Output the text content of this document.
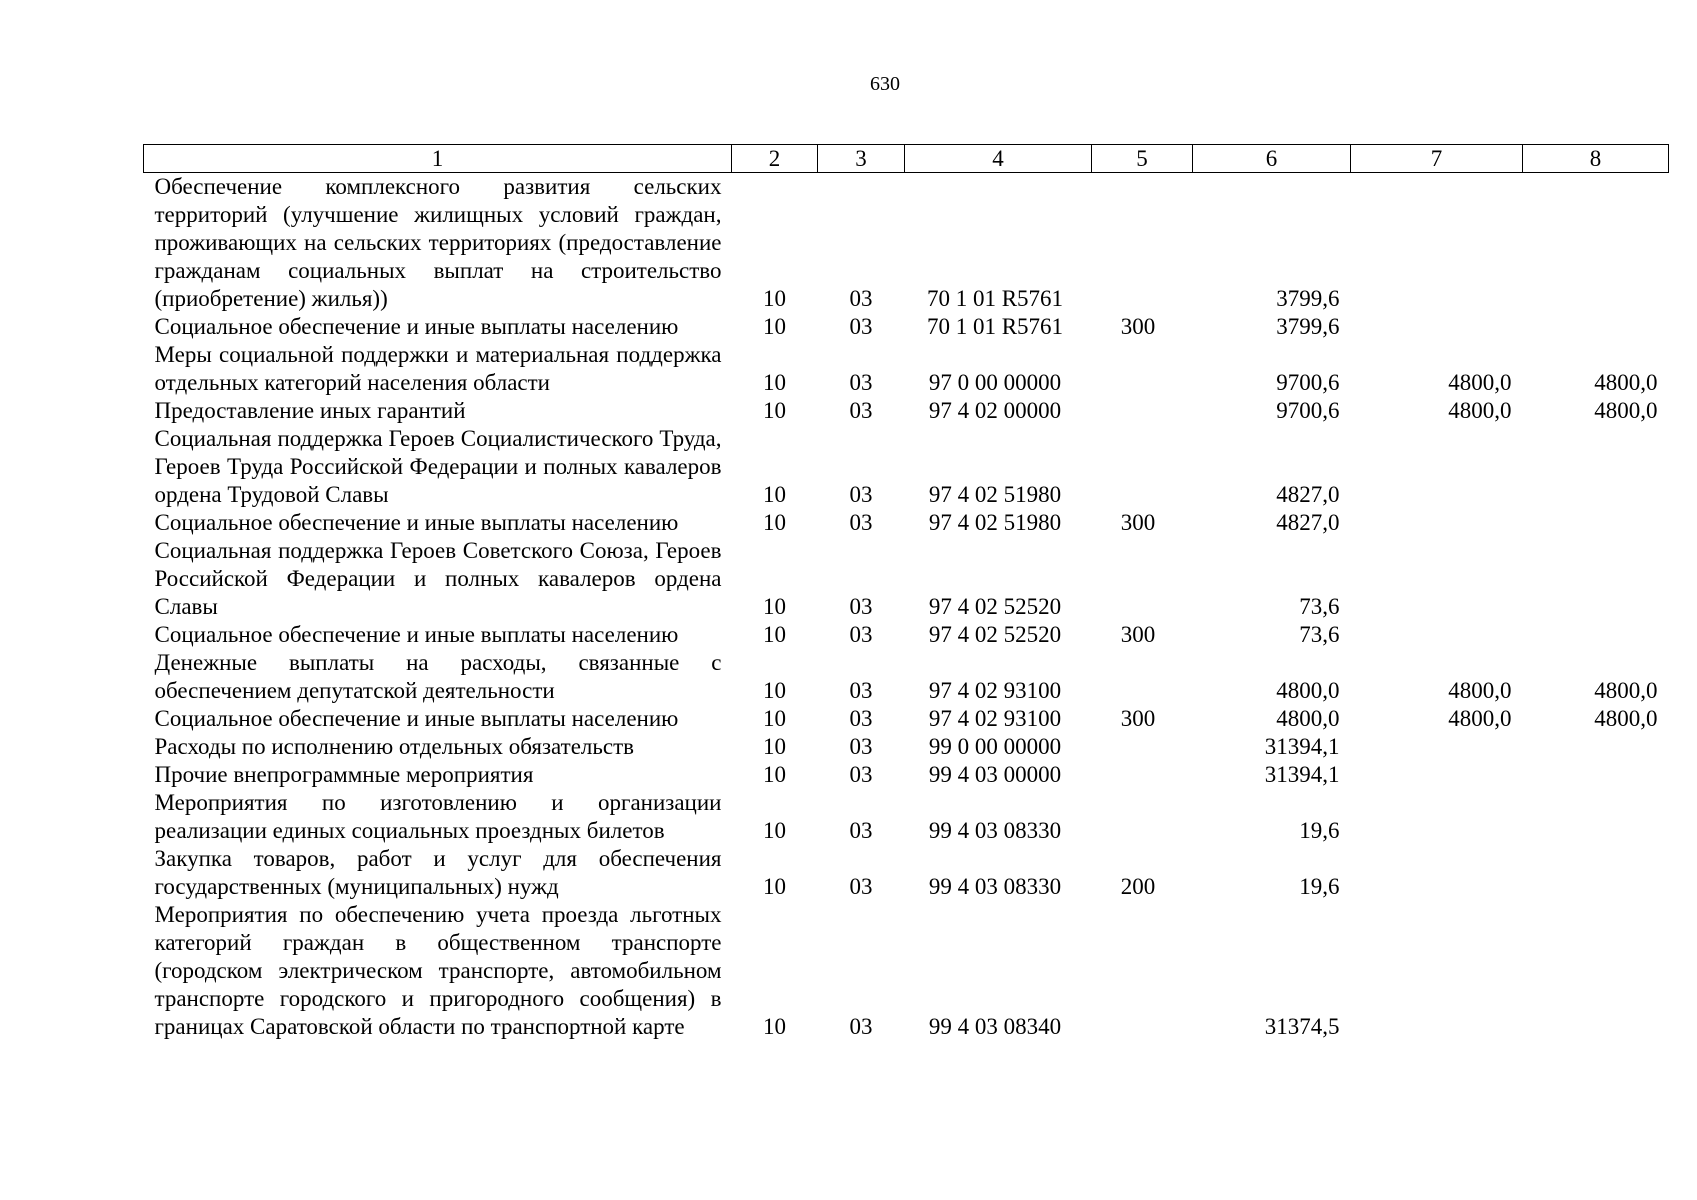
630
1	2	3	4	5	6	7	8
Обеспечение комплексного развития сельских территорий (улучшение жилищных условий граждан, проживающих на сельских территориях (предоставление гражданам социальных выплат на строительство (приобретение) жилья))	10	03	70 1 01 R5761		3799,6		
Социальное обеспечение и иные выплаты населению	10	03	70 1 01 R5761	300	3799,6		
Меры социальной поддержки и материальная поддержка отдельных категорий населения области	10	03	97 0 00 00000		9700,6	4800,0	4800,0
Предоставление иных гарантий	10	03	97 4 02 00000		9700,6	4800,0	4800,0
Социальная поддержка Героев Социалистического Труда, Героев Труда Российской Федерации и полных кавалеров ордена Трудовой Славы	10	03	97 4 02 51980		4827,0		
Социальное обеспечение и иные выплаты населению	10	03	97 4 02 51980	300	4827,0		
Социальная поддержка Героев Советского Союза, Героев Российской Федерации и полных кавалеров ордена Славы	10	03	97 4 02 52520		73,6		
Социальное обеспечение и иные выплаты населению	10	03	97 4 02 52520	300	73,6		
Денежные выплаты на расходы, связанные с обеспечением депутатской деятельности	10	03	97 4 02 93100		4800,0	4800,0	4800,0
Социальное обеспечение и иные выплаты населению	10	03	97 4 02 93100	300	4800,0	4800,0	4800,0
Расходы по исполнению отдельных обязательств	10	03	99 0 00 00000		31394,1		
Прочие внепрограммные мероприятия	10	03	99 4 03 00000		31394,1		
Мероприятия по изготовлению и организации реализации единых социальных проездных билетов	10	03	99 4 03 08330		19,6		
Закупка товаров, работ и услуг для обеспечения государственных (муниципальных) нужд	10	03	99 4 03 08330	200	19,6		
Мероприятия по обеспечению учета проезда льготных категорий граждан в общественном транспорте (городском электрическом транспорте, автомобильном транспорте городского и пригородного сообщения) в границах Саратовской области по транспортной карте	10	03	99 4 03 08340		31374,5		
